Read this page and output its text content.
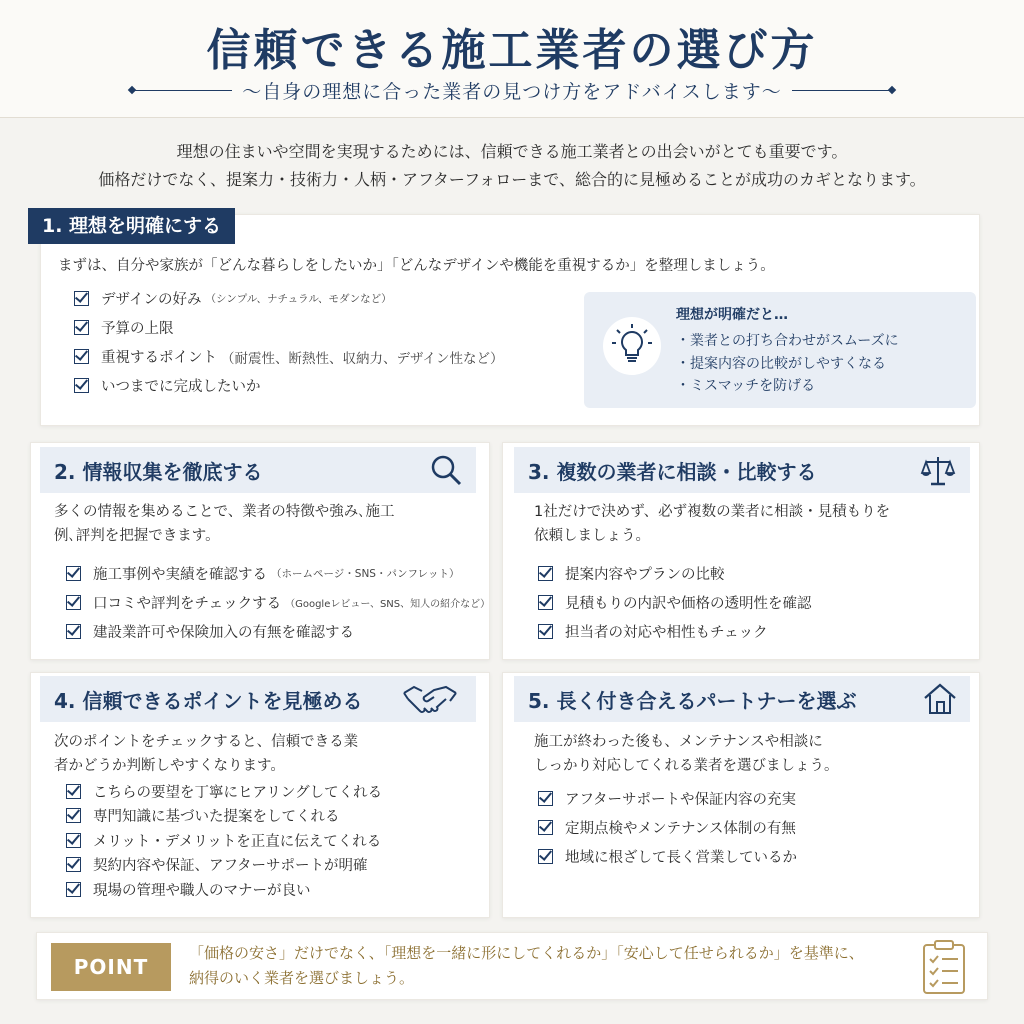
信頼できる施工業者の選び方
〜自身の理想に合った業者の見つけ方をアドバイスします〜
理想の住まいや空間を実現するためには、信頼できる施工業者との出会いがとても重要です。
価格だけでなく、提案力・技術力・人柄・アフターフォローまで、総合的に見極めることが成功のカギとなります。
1. 理想を明確にする
まずは、自分や家族が「どんな暮らしをしたいか」「どんなデザインや機能を重視するか」を整理しましょう。
デザインの好み （シンプル、ナチュラル、モダンなど）
予算の上限
重視するポイント （耐震性、断熱性、収納力、デザイン性など）
いつまでに完成したいか
理想が明確だと…
・業者との打ち合わせがスムーズに
・提案内容の比較がしやすくなる
・ミスマッチを防げる
2. 情報収集を徹底する
多くの情報を集めることで、業者の特徴や強み､施工
例､評判を把握できます。
施工事例や実績を確認する （ホームページ・SNS・パンフレット）
口コミや評判をチェックする （Googleレビュー、SNS、知人の紹介など）
建設業許可や保険加入の有無を確認する
3. 複数の業者に相談・比較する
1社だけで決めず、必ず複数の業者に相談・見積もりを
依頼しましょう。
提案内容やプランの比較
見積もりの内訳や価格の透明性を確認
担当者の対応や相性もチェック
4. 信頼できるポイントを見極める
次のポイントをチェックすると、信頼できる業
者かどうか判断しやすくなります。
こちらの要望を丁寧にヒアリングしてくれる
専門知識に基づいた提案をしてくれる
メリット・デメリットを正直に伝えてくれる
契約内容や保証、アフターサポートが明確
現場の管理や職人のマナーが良い
5. 長く付き合えるパートナーを選ぶ
施工が終わった後も、メンテナンスや相談に
しっかり対応してくれる業者を選びましょう。
アフターサポートや保証内容の充実
定期点検やメンテナンス体制の有無
地域に根ざして長く営業しているか
POINT
「価格の安さ」だけでなく、「理想を一緒に形にしてくれるか」「安心して任せられるか」を基準に、
納得のいく業者を選びましょう。
